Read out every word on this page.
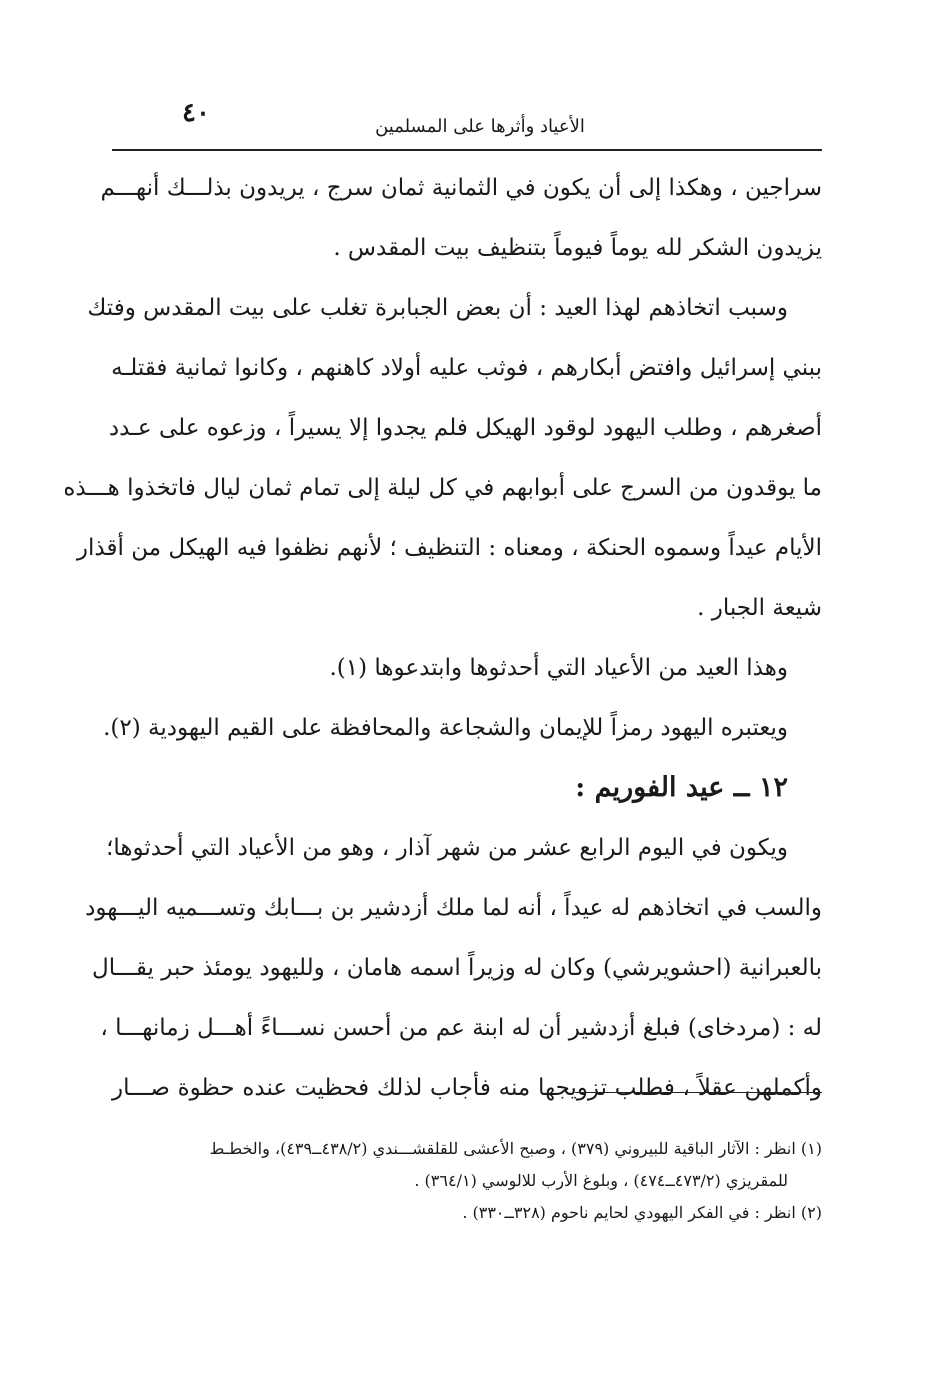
٤٠	الأعياد وأثرها على المسلمين
سراجين ، وهكذا إلى أن يكون في الثمانية ثمان سرج ، يريدون بذلـــك أنهـــم
يزيدون الشكر لله يوماً فيوماً بتنظيف بيت المقدس .
وسبب اتخاذهم لهذا العيد : أن بعض الجبابرة تغلب على بيت المقدس وفتك
ببني إسرائيل وافتض أبكارهم ، فوثب عليه أولاد كاهنهم ، وكانوا ثمانية فقتلـه
أصغرهم ، وطلب اليهود لوقود الهيكل فلم يجدوا إلا يسيراً ، وزعوه على عـدد
ما يوقدون من السرج على أبوابهم في كل ليلة إلى تمام ثمان ليال فاتخذوا هـــذه
الأيام عيداً وسموه الحنكة ، ومعناه : التنظيف ؛ لأنهم نظفوا فيه الهيكل من أقذار
شيعة الجبار .
وهذا العيد من الأعياد التي أحدثوها وابتدعوها (١).
ويعتبره اليهود رمزاً للإيمان والشجاعة والمحافظة على القيم اليهودية (٢).
١٢ ــ عيد الفوريم :
ويكون في اليوم الرابع عشر من شهر آذار ، وهو من الأعياد التي أحدثوها؛
والسب في اتخاذهم له عيداً ، أنه لما ملك أزدشير بن بـــابك وتســـميه اليـــهود
بالعبرانية (احشويرشي) وكان له وزيراً اسمه هامان ، ولليهود يومئذ حبر يقـــال
له : (مردخاى) فبلغ أزدشير أن له ابنة عم من أحسن نســـاءً أهـــل زمانهـــا ،
وأكملهن عقلاً ، فطلب تزويجها منه فأجاب لذلك فحظيت عنده حظوة صـــار
(١) انظر : الآثار الباقية للبيروني (٣٧٩) ، وصبح الأعشى للقلقشـــندي (٤٣٨/٢ــ٤٣٩)، والخطـط
للمقريزي (٤٧٣/٢ــ٤٧٤) ، وبلوغ الأرب للالوسي (٣٦٤/١) .
(٢) انظر : في الفكر اليهودي لحايم ناحوم (٣٢٨ــ٣٣٠) .
